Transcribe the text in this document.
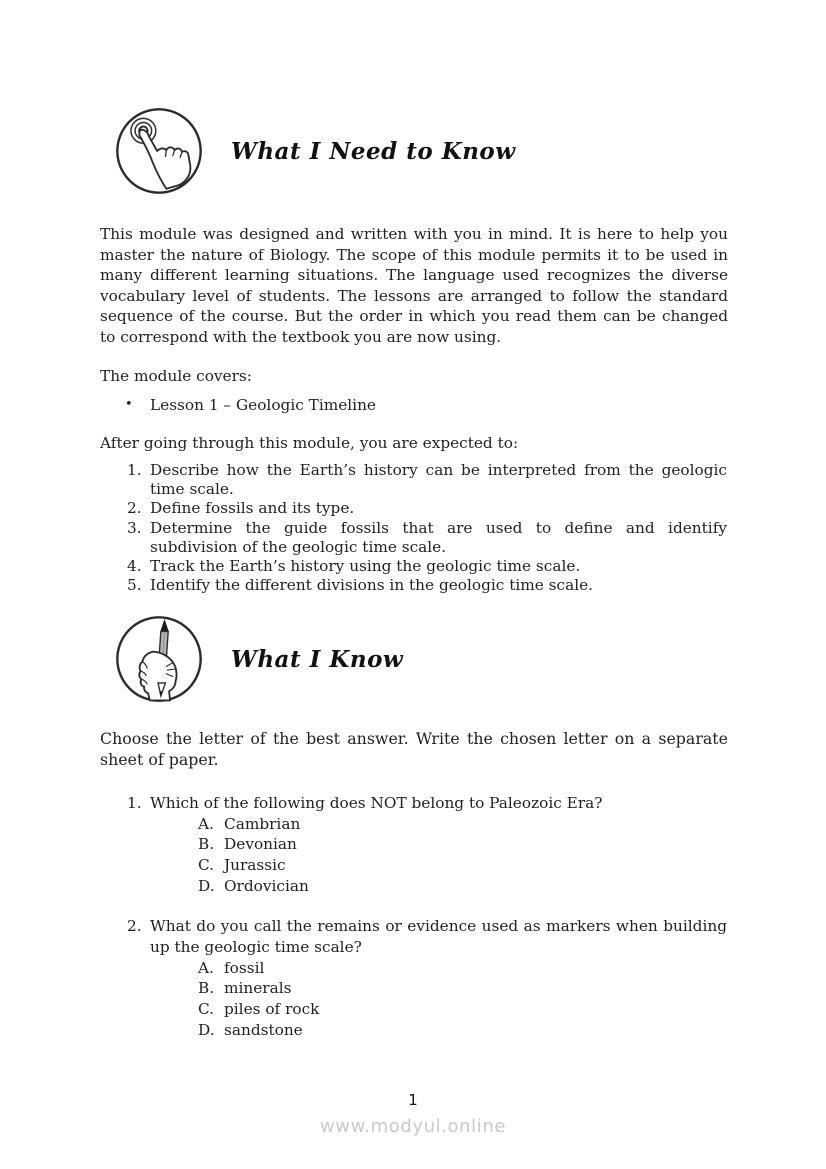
What I Need to Know
This module was designed and written with you in mind. It is here to help you master the nature of Biology. The scope of this module permits it to be used in many different learning situations. The language used recognizes the diverse vocabulary level of students. The lessons are arranged to follow the standard sequence of the course. But the order in which you read them can be changed to correspond with the textbook you are now using.
The module covers:
•	Lesson 1 – Geologic Timeline
After going through this module, you are expected to:
1. Describe how the Earth’s history can be interpreted from the geologic time scale.
2. Define fossils and its type.
3. Determine the guide fossils that are used to define and identify subdivision of the geologic time scale.
4. Track the Earth’s history using the geologic time scale.
5. Identify the different divisions in the geologic time scale.
What I Know
Choose the letter of the best answer. Write the chosen letter on a separate sheet of paper.
1. Which of the following does NOT belong to Paleozoic Era?
A. Cambrian
B. Devonian
C. Jurassic
D. Ordovician
2. What do you call the remains or evidence used as markers when building up the geologic time scale?
A. fossil
B. minerals
C. piles of rock
D. sandstone
1
www.modyul.online
